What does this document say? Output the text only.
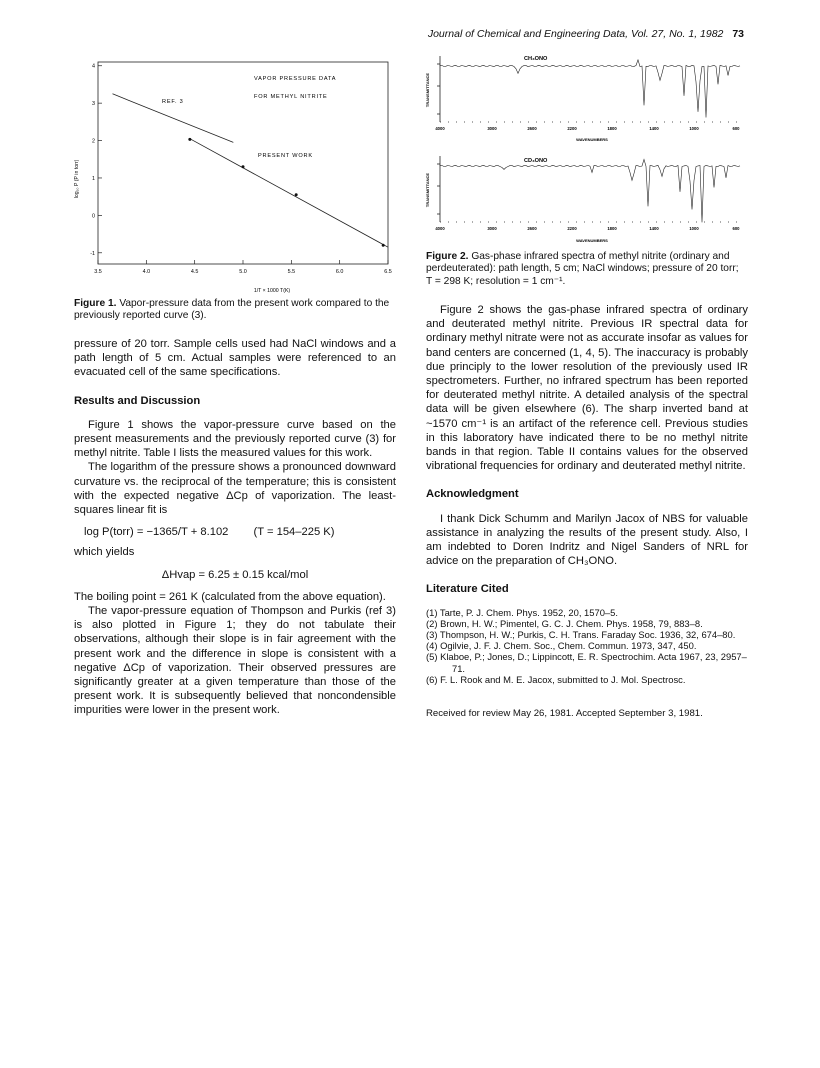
Journal of Chemical and Engineering Data, Vol. 27, No. 1, 1982 73
3.5	4.0	4.5	5.0	5.5	6.0	6.5
-1
0
1
2
3
4
VAPOR PRESSURE DATA
FOR METHYL NITRITE
REF. 3
PRESENT WORK
1/T × 1000 T(K)
log₁₀ P (P in torr)
Figure 1. Vapor-pressure data from the present work compared to the previously reported curve (3).

pressure of 20 torr. Sample cells used had NaCl windows and a path length of 5 cm. Actual samples were referenced to an evacuated cell of the same specifications.

Results and Discussion

Figure 1 shows the vapor-pressure curve based on the present measurements and the previously reported curve (3) for methyl nitrite. Table I lists the measured values for this work.

The logarithm of the pressure shows a pronounced downward curvature vs. the reciprocal of the temperature; this is consistent with the expected negative ΔCp of vaporization. The least-squares linear fit is

log P(torr) = −1365/T + 8.102 (T = 154–225 K)

which yields

ΔHvap = 6.25 ± 0.15 kcal/mol

The boiling point = 261 K (calculated from the above equation).

The vapor-pressure equation of Thompson and Purkis (ref 3) is also plotted in Figure 1; they do not tabulate their observations, although their slope is in fair agreement with the present work and the difference in slope is consistent with a negative ΔCp of vaporization. Their observed pressures are significantly greater at a given temperature than those of the present work. It is subsequently believed that noncondensible impurities were lower in the present work.

4000	3000	2600	2200	1800	1400	1000	600
4000	3000	2600	2200	1800	1400	1000	600
CH₃ONO
CD₃ONO
TRANSMITTANCE
TRANSMITTANCE
WAVENUMBERS
WAVENUMBERS
Figure 2. Gas-phase infrared spectra of methyl nitrite (ordinary and perdeuterated): path length, 5 cm; NaCl windows; pressure of 20 torr; T = 298 K; resolution = 1 cm⁻¹.

Figure 2 shows the gas-phase infrared spectra of ordinary and deuterated methyl nitrite. Previous IR spectral data for ordinary methyl nitrate were not as accurate insofar as values for band centers are concerned (1, 4, 5). The inaccuracy is probably due principly to the lower resolution of the previously used IR spectrometers. Further, no infrared spectrum has been reported for deuterated methyl nitrite. A detailed analysis of the spectral data will be given elsewhere (6). The sharp inverted band at ~1570 cm⁻¹ is an artifact of the reference cell. Previous studies in this laboratory have indicated there to be no methyl nitrite bands in that region. Table II contains values for the observed vibrational frequencies for ordinary and deuterated methyl nitrite.

Acknowledgment

I thank Dick Schumm and Marilyn Jacox of NBS for valuable assistance in analyzing the results of the present study. Also, I am indebted to Doren Indritz and Nigel Sanders of NRL for advice on the preparation of CH₃ONO.

Literature Cited
(1) Tarte, P. J. Chem. Phys. 1952, 20, 1570–5.
(2) Brown, H. W.; Pimentel, G. C. J. Chem. Phys. 1958, 79, 883–8.
(3) Thompson, H. W.; Purkis, C. H. Trans. Faraday Soc. 1936, 32, 674–80.
(4) Ogilvie, J. F. J. Chem. Soc., Chem. Commun. 1973, 347, 450.
(5) Klaboe, P.; Jones, D.; Lippincott, E. R. Spectrochim. Acta 1967, 23, 2957–71.
(6) F. L. Rook and M. E. Jacox, submitted to J. Mol. Spectrosc.

Received for review May 26, 1981. Accepted September 3, 1981.
